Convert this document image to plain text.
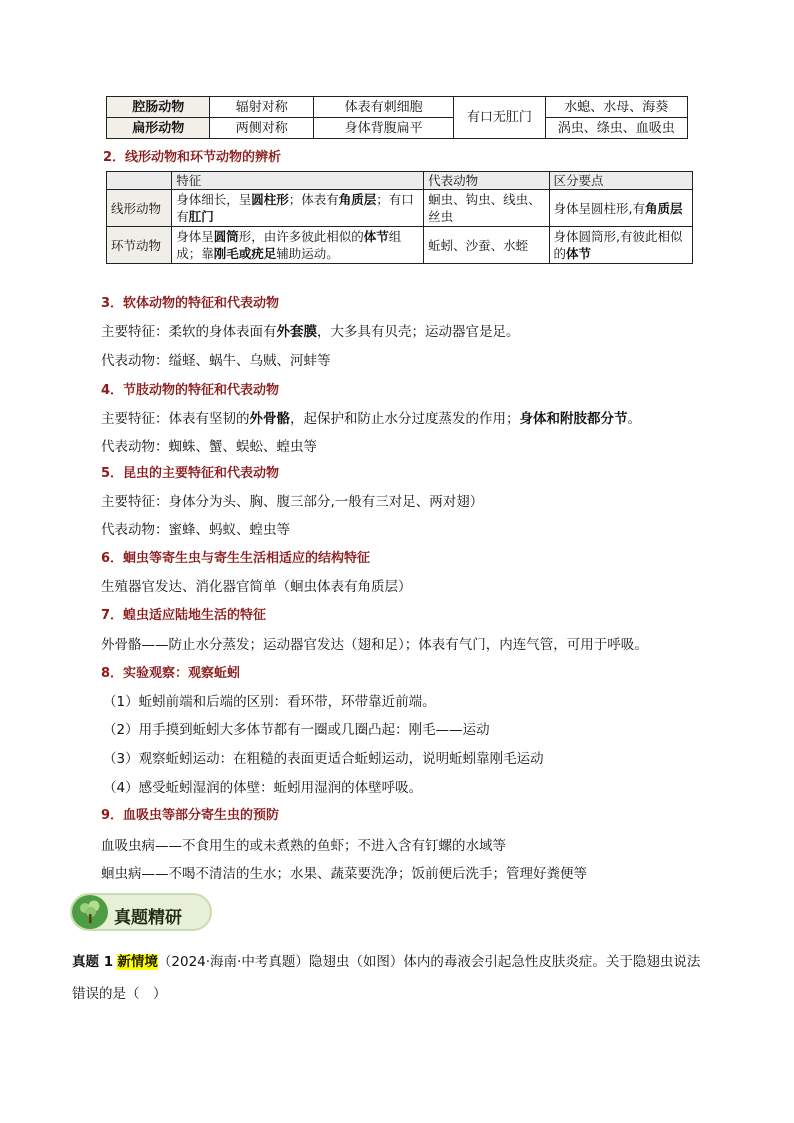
腔肠动物	辐射对称	体表有刺细胞	有口无肛门	水螅、水母、海葵
扁形动物	两侧对称	身体背腹扁平		涡虫、绦虫、血吸虫
2．线形动物和环节动物的辨析
	特征	代表动物	区分要点
线形动物	身体细长，呈圆柱形；体表有角质层；有口有肛门	蛔虫、钩虫、线虫、丝虫	身体呈圆柱形,有角质层
环节动物	身体呈圆筒形，由许多彼此相似的体节组成；靠刚毛或疣足辅助运动。	蚯蚓、沙蚕、水蛭	身体圆筒形,有彼此相似的体节
3．软体动物的特征和代表动物
主要特征：柔软的身体表面有外套膜，大多具有贝壳；运动器官是足。
代表动物：缢蛏、蜗牛、乌贼、河蚌等
4．节肢动物的特征和代表动物
主要特征：体表有坚韧的外骨骼，起保护和防止水分过度蒸发的作用；身体和附肢都分节。
代表动物：蜘蛛、蟹、蜈蚣、蝗虫等
5．昆虫的主要特征和代表动物
主要特征：身体分为头、胸、腹三部分,一般有三对足、两对翅）
代表动物：蜜蜂、蚂蚁、蝗虫等
6．蛔虫等寄生虫与寄生生活相适应的结构特征
生殖器官发达、消化器官简单（蛔虫体表有角质层）
7．蝗虫适应陆地生活的特征
外骨骼——防止水分蒸发；运动器官发达（翅和足）；体表有气门，内连气管，可用于呼吸。
8．实验观察：观察蚯蚓
（1）蚯蚓前端和后端的区别：看环带，环带靠近前端。
（2）用手摸到蚯蚓大多体节都有一圈或几圈凸起：刚毛——运动
（3）观察蚯蚓运动：在粗糙的表面更适合蚯蚓运动，说明蚯蚓靠刚毛运动
（4）感受蚯蚓湿润的体壁：蚯蚓用湿润的体壁呼吸。
9．血吸虫等部分寄生虫的预防
血吸虫病——不食用生的或未煮熟的鱼虾；不进入含有钉螺的水域等
蛔虫病——不喝不清洁的生水；水果、蔬菜要洗净；饭前便后洗手；管理好粪便等
真题精研
真题 1 新情境（2024·海南·中考真题）隐翅虫（如图）体内的毒液会引起急性皮肤炎症。关于隐翅虫说法
错误的是（　）
